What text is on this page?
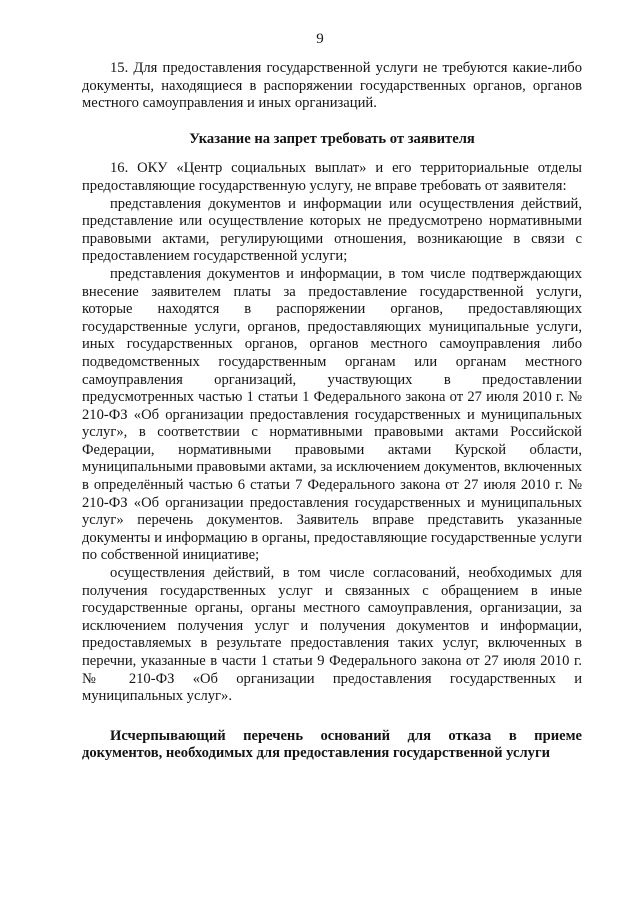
9

15. Для предоставления государственной услуги не требуются какие-либо документы, находящиеся в распоряжении государственных органов, органов местного самоуправления и иных организаций.

Указание на запрет требовать от заявителя

16. ОКУ «Центр социальных выплат» и его территориальные отделы предоставляющие государственную услугу, не вправе требовать от заявителя:

представления документов и информации или осуществления действий, представление или осуществление которых не предусмотрено нормативными правовыми актами, регулирующими отношения, возникающие в связи с предоставлением государственной услуги;

представления документов и информации, в том числе подтверждающих внесение заявителем платы за предоставление государственной услуги, которые находятся в распоряжении органов, предоставляющих государственные услуги, органов, предоставляющих муниципальные услуги, иных государственных органов, органов местного самоуправления либо подведомственных государственным органам или органам местного самоуправления организаций, участвующих в предоставлении предусмотренных частью 1 статьи 1 Федерального закона от 27 июля 2010 г. № 210-ФЗ «Об организации предоставления государственных и муниципальных услуг», в соответствии с нормативными правовыми актами Российской Федерации, нормативными правовыми актами Курской области, муниципальными правовыми актами, за исключением документов, включенных в определённый частью 6 статьи 7 Федерального закона от 27 июля 2010 г. № 210-ФЗ «Об организации предоставления государственных и муниципальных услуг» перечень документов. Заявитель вправе представить указанные документы и информацию в органы, предоставляющие государственные услуги по собственной инициативе;

осуществления действий, в том числе согласований, необходимых для получения государственных услуг и связанных с обращением в иные государственные органы, органы местного самоуправления, организации, за исключением получения услуг и получения документов и информации, предоставляемых в результате предоставления таких услуг, включенных в перечни, указанные в части 1 статьи 9 Федерального закона от 27 июля 2010 г. № 210-ФЗ «Об организации предоставления государственных и муниципальных услуг».

Исчерпывающий перечень оснований для отказа в приеме документов, необходимых для предоставления государственной услуги
